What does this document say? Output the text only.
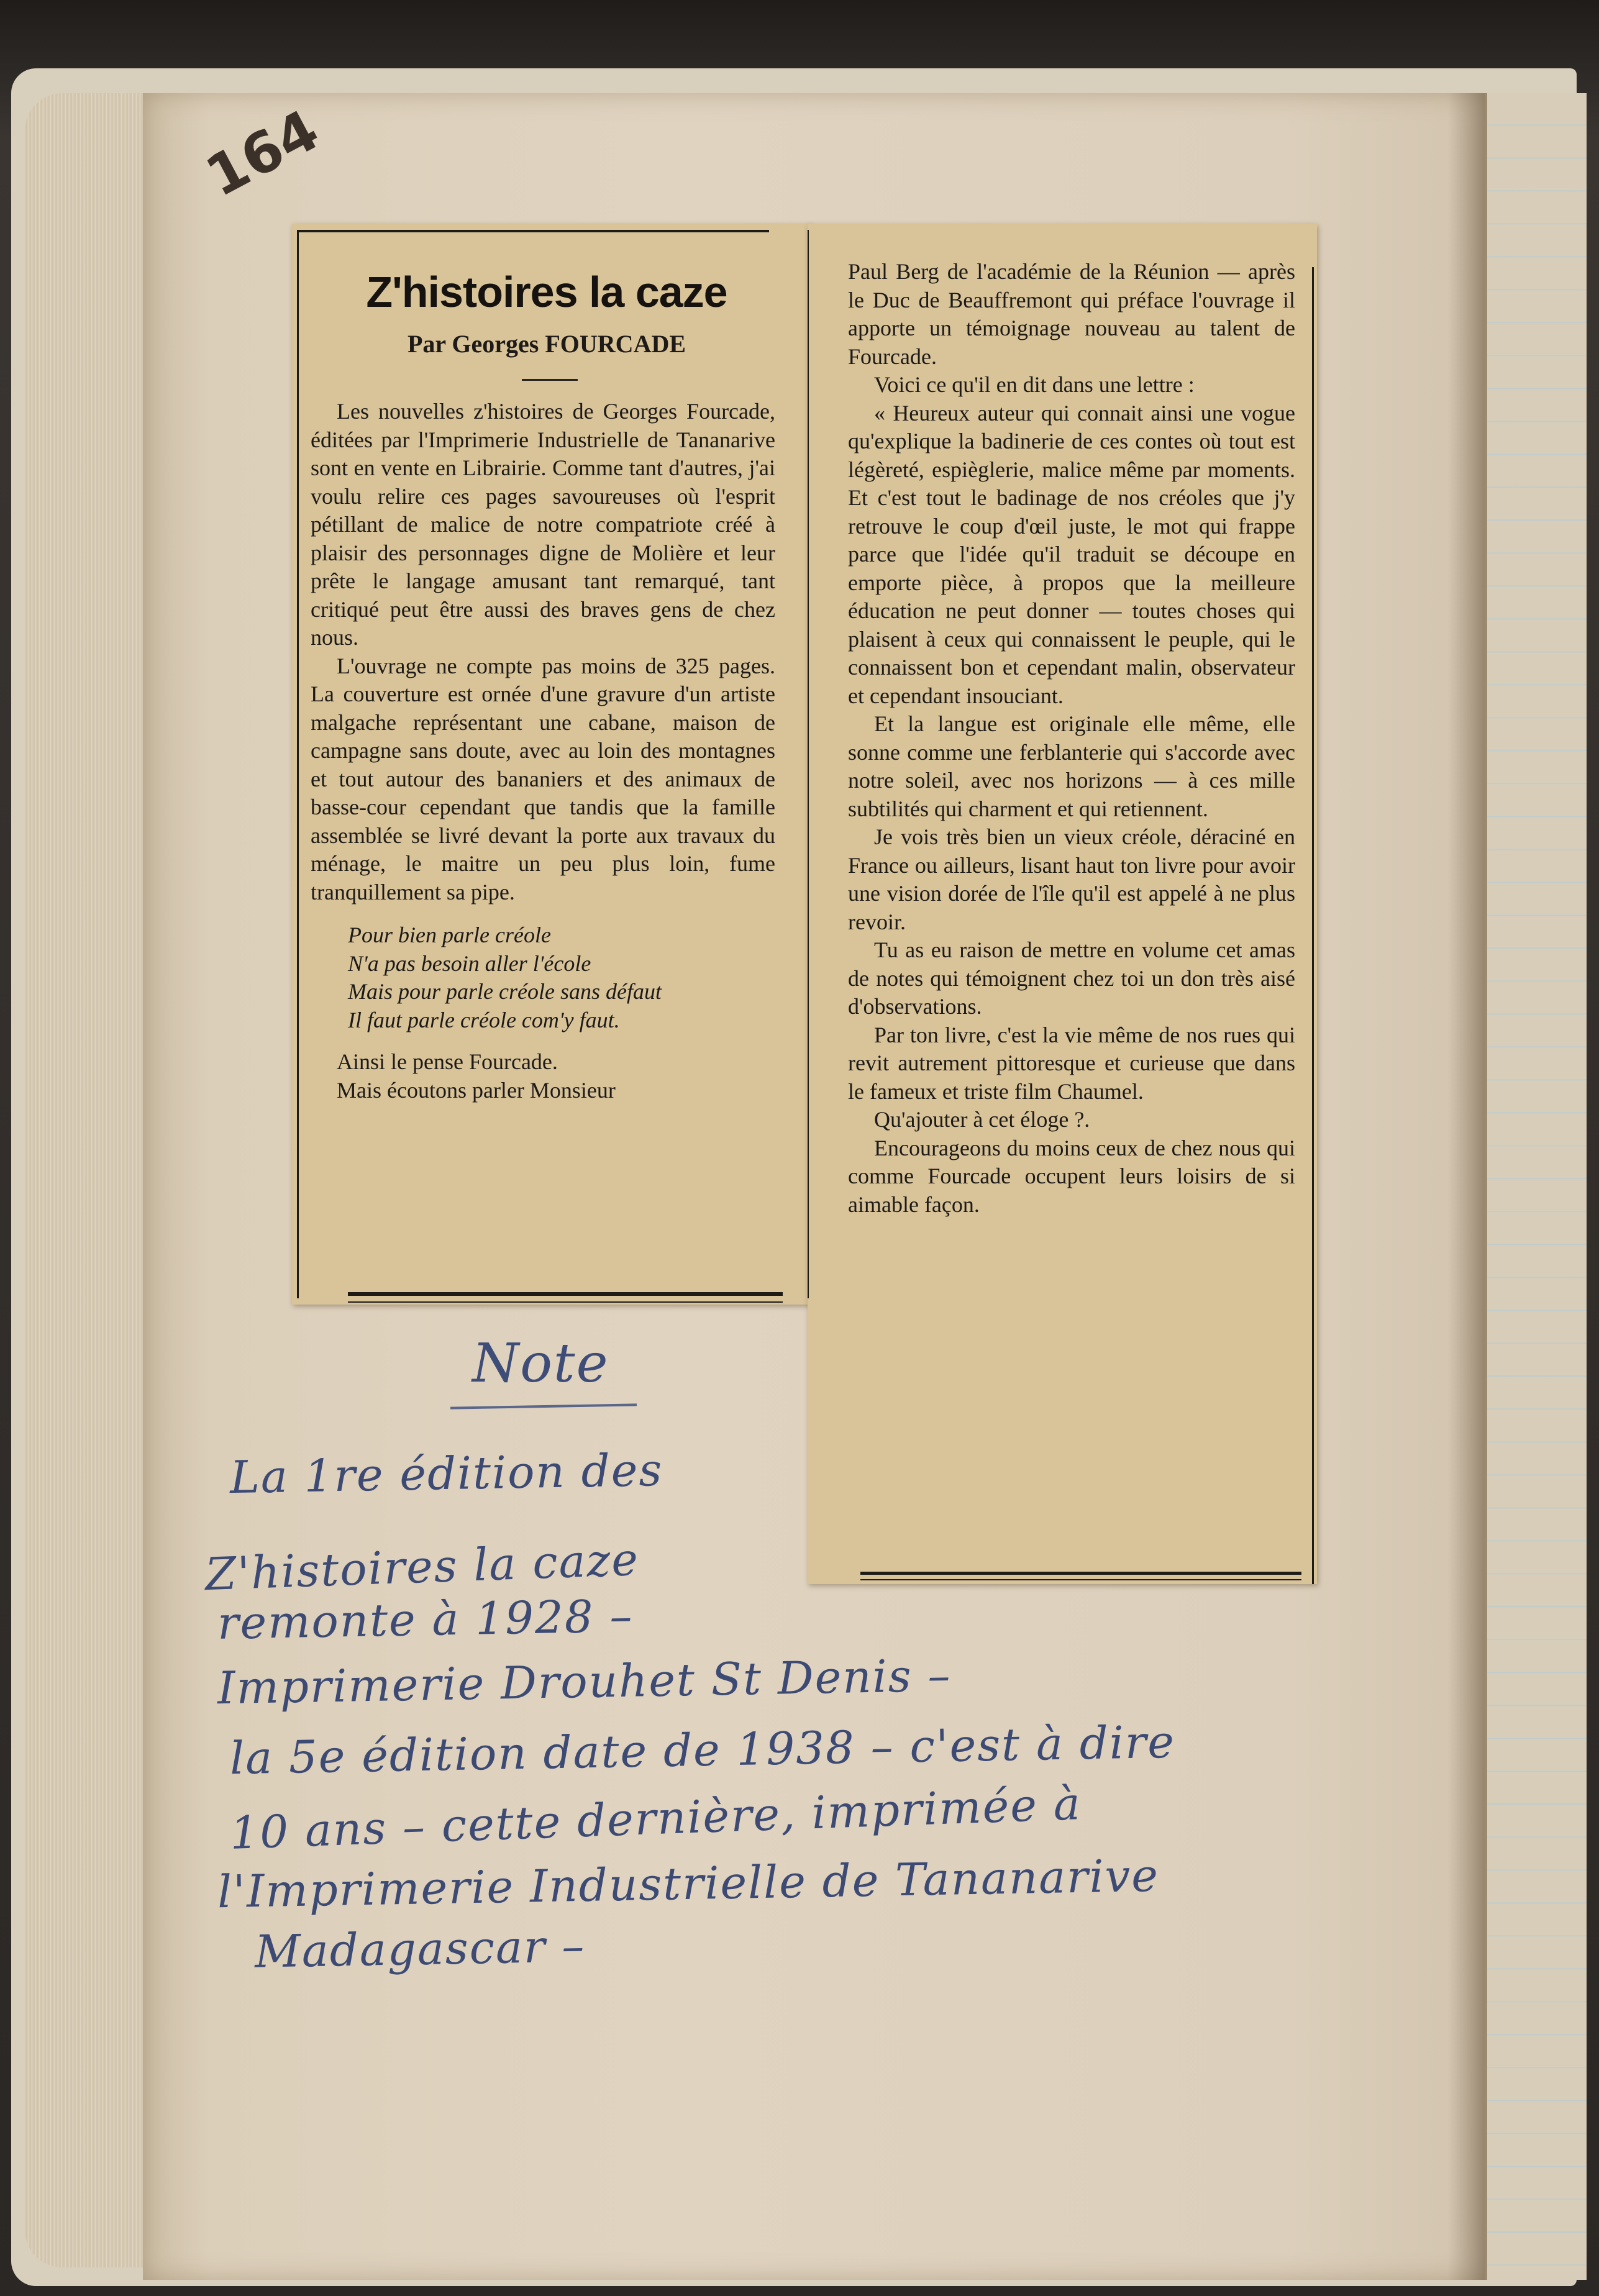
164
Z'histoires la caze
Par Georges FOURCADE

Les nouvelles z'histoires de Georges Fourcade, éditées par l'Imprimerie Industrielle de Tananarive sont en vente en Librairie. Comme tant d'autres, j'ai voulu relire ces pages savoureuses où l'esprit pétillant de malice de notre compatriote créé à plaisir des personnages digne de Molière et leur prête le langage amusant tant remarqué, tant critiqué peut être aussi des braves gens de chez nous.

L'ouvrage ne compte pas moins de 325 pages. La couverture est ornée d'une gravure d'un artiste malgache représentant une cabane, maison de campagne sans doute, avec au loin des montagnes et tout autour des bananiers et des animaux de basse-cour cependant que tandis que la famille assemblée se livré devant la porte aux travaux du ménage, le maitre un peu plus loin, fume tranquillement sa pipe.

Pour bien parle créole
N'a pas besoin aller l'école
Mais pour parle créole sans défaut
Il faut parle créole com'y faut.

Ainsi le pense Fourcade.

Mais écoutons parler Monsieur

Paul Berg de l'académie de la Réunion — après le Duc de Beauffremont qui préface l'ouvrage il apporte un témoignage nouveau au talent de Fourcade.

Voici ce qu'il en dit dans une lettre :

« Heureux auteur qui connait ainsi une vogue qu'explique la badinerie de ces contes où tout est légèreté, espièglerie, malice même par moments. Et c'est tout le badinage de nos créoles que j'y retrouve le coup d'œil juste, le mot qui frappe parce que l'idée qu'il traduit se découpe en emporte pièce, à propos que la meilleure éducation ne peut donner — toutes choses qui plaisent à ceux qui connaissent le peuple, qui le connaissent bon et cependant malin, observateur et cependant insouciant.

Et la langue est originale elle même, elle sonne comme une ferblanterie qui s'accorde avec notre soleil, avec nos horizons — à ces mille subtilités qui charment et qui retiennent.

Je vois très bien un vieux créole, déraciné en France ou ailleurs, lisant haut ton livre pour avoir une vision dorée de l'île qu'il est appelé à ne plus revoir.

Tu as eu raison de mettre en volume cet amas de notes qui témoignent chez toi un don très aisé d'observations.

Par ton livre, c'est la vie même de nos rues qui revit autrement pittoresque et curieuse que dans le fameux et triste film Chaumel.

Qu'ajouter à cet éloge ?.

Encourageons du moins ceux de chez nous qui comme Fourcade occupent leurs loisirs de si aimable façon.

Note
La 1re édition des
Z'histoires la caze
remonte à 1928 –
Imprimerie Drouhet St Denis –
la 5e édition date de 1938 – c'est à dire
10 ans – cette dernière, imprimée à
l'Imprimerie Industrielle de Tananarive
Madagascar –
